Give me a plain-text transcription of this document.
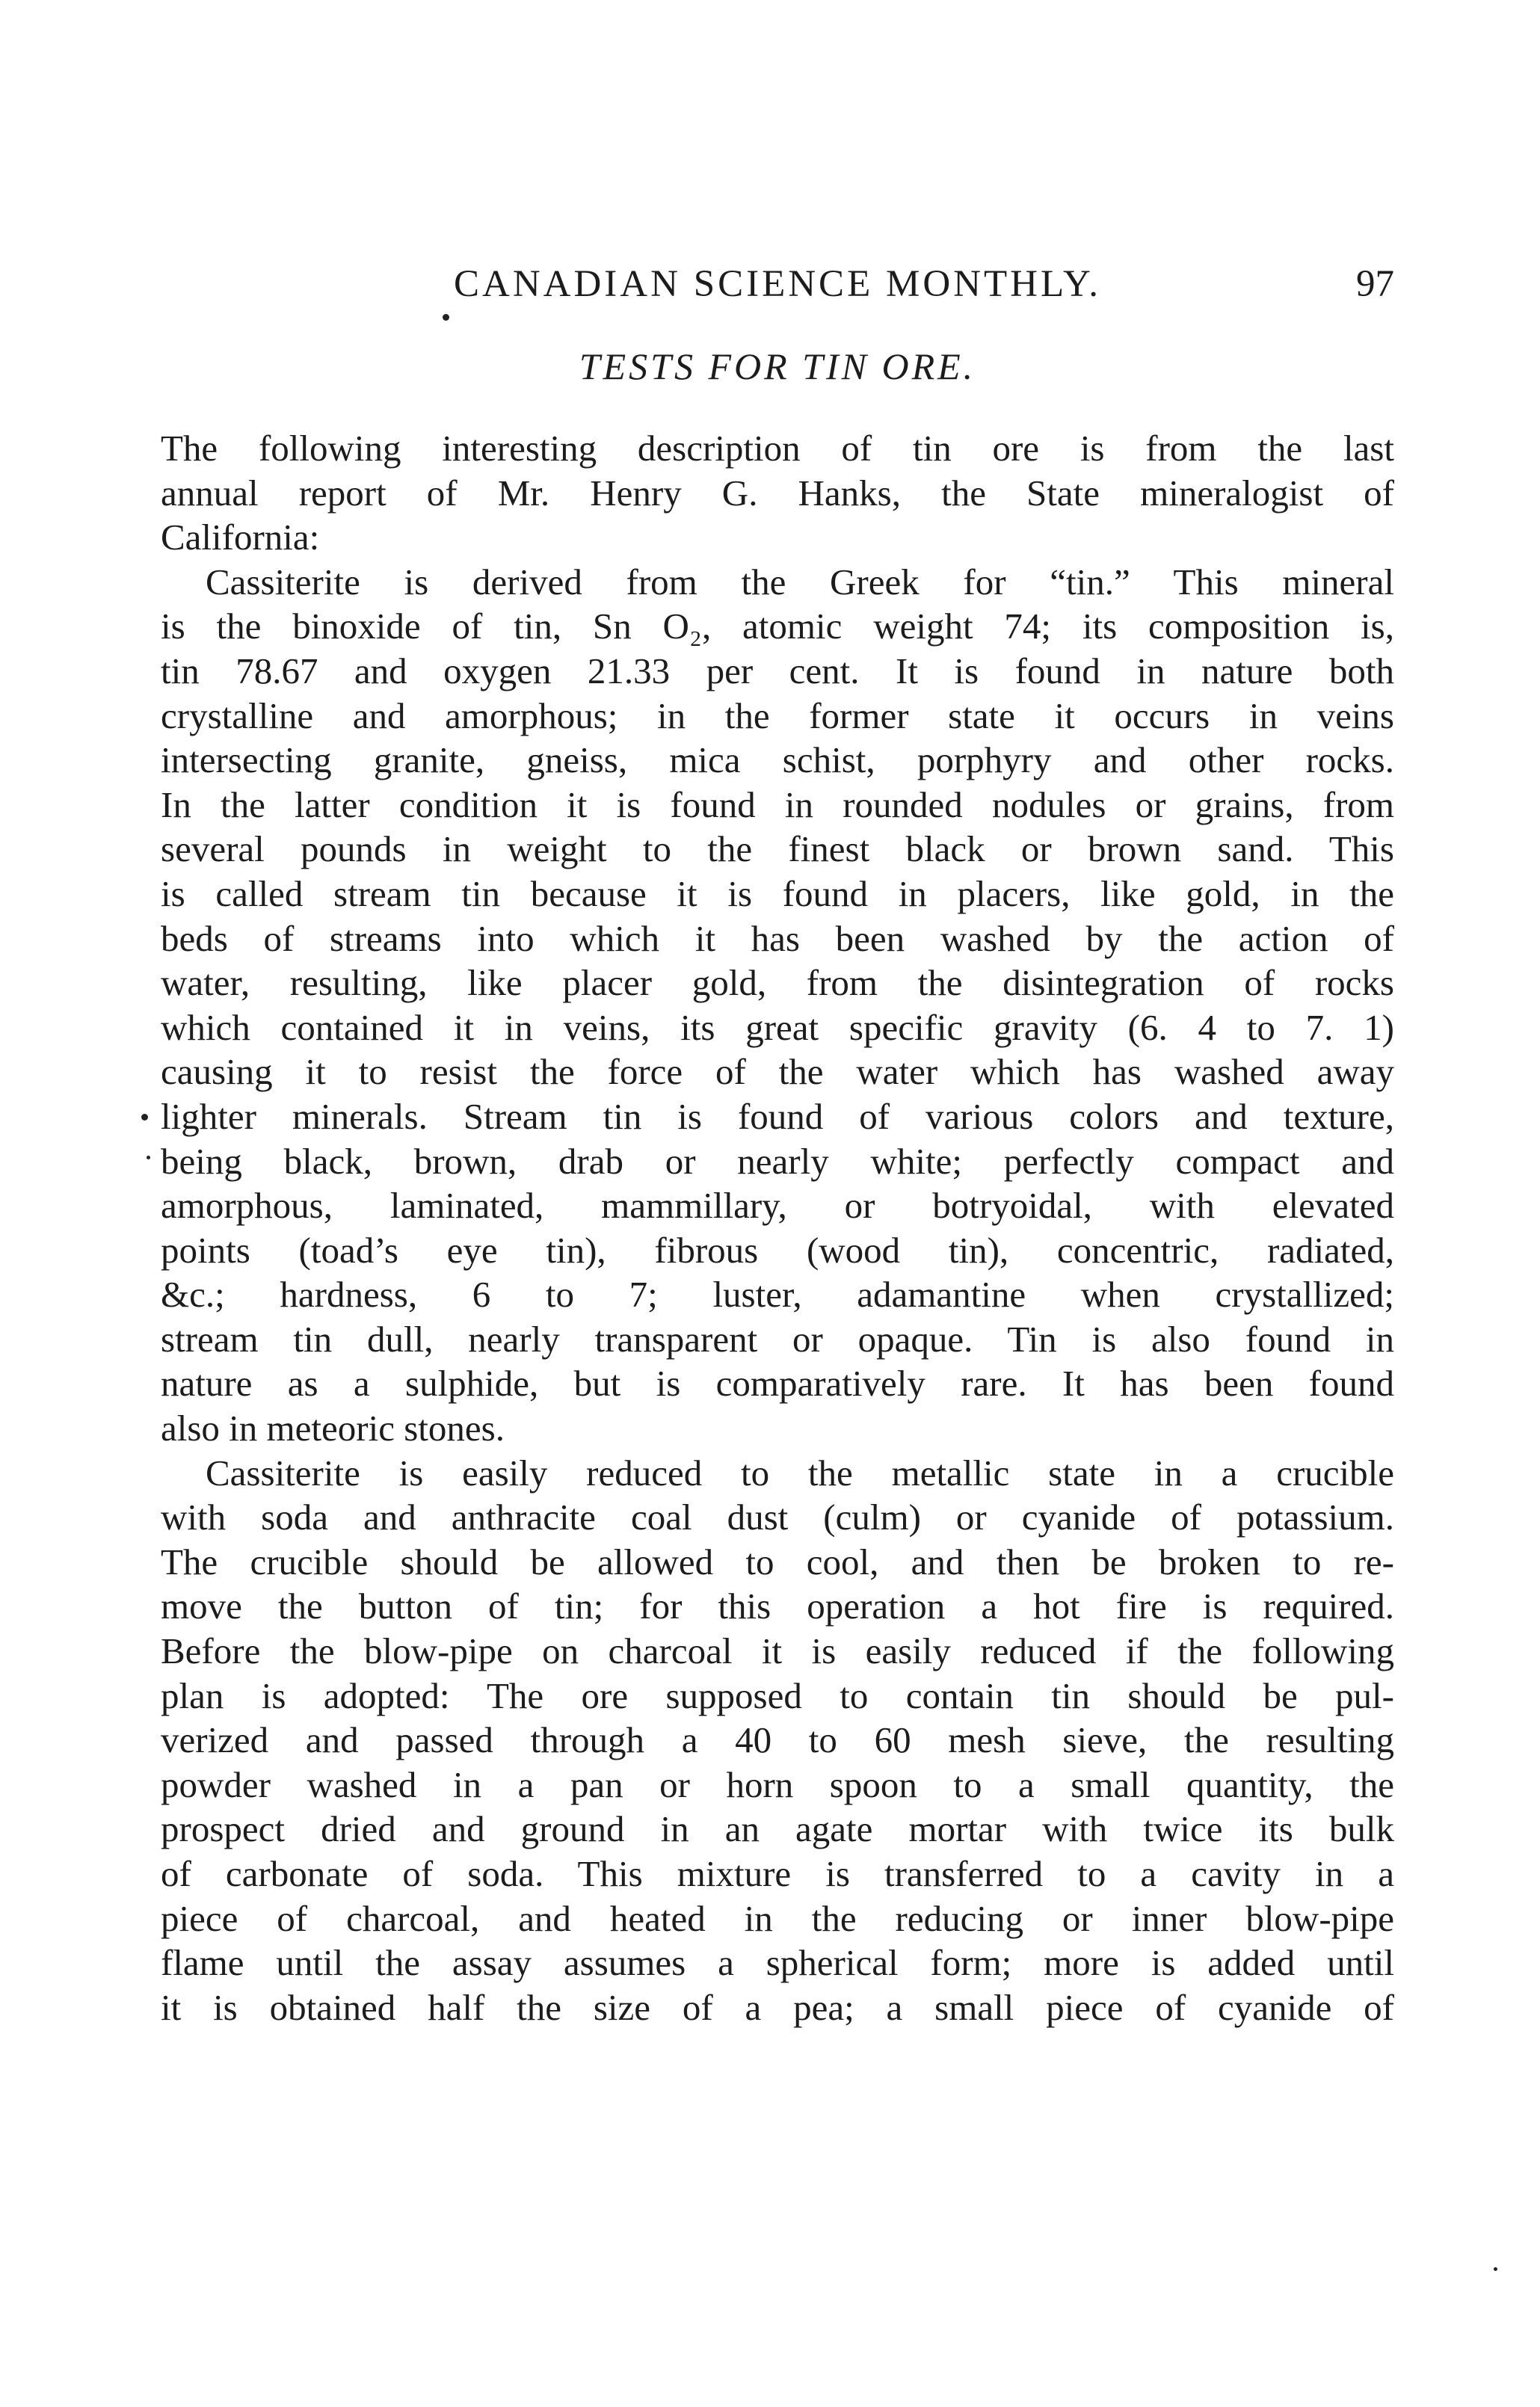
CANADIAN SCIENCE MONTHLY.	97
TESTS FOR TIN ORE.
The following interesting description of tin ore is from the last
annual report of Mr. Henry G. Hanks, the State mineralogist of
California:
Cassiterite is derived from the Greek for “tin.” This mineral
is the binoxide of tin, Sn O₂, atomic weight 74; its composition is,
tin 78.67 and oxygen 21.33 per cent. It is found in nature both
crystalline and amorphous; in the former state it occurs in veins
intersecting granite, gneiss, mica schist, porphyry and other rocks.
In the latter condition it is found in rounded nodules or grains, from
several pounds in weight to the finest black or brown sand. This
is called stream tin because it is found in placers, like gold, in the
beds of streams into which it has been washed by the action of
water, resulting, like placer gold, from the disintegration of rocks
which contained it in veins, its great specific gravity (6. 4 to 7. 1)
causing it to resist the force of the water which has washed away
lighter minerals. Stream tin is found of various colors and texture,
being black, brown, drab or nearly white; perfectly compact and
amorphous, laminated, mammillary, or botryoidal, with elevated
points (toad’s eye tin), fibrous (wood tin), concentric, radiated,
&c.; hardness, 6 to 7; luster, adamantine when crystallized;
stream tin dull, nearly transparent or opaque. Tin is also found in
nature as a sulphide, but is comparatively rare. It has been found
also in meteoric stones.
Cassiterite is easily reduced to the metallic state in a crucible
with soda and anthracite coal dust (culm) or cyanide of potassium.
The crucible should be allowed to cool, and then be broken to re-
move the button of tin; for this operation a hot fire is required.
Before the blow-pipe on charcoal it is easily reduced if the following
plan is adopted: The ore supposed to contain tin should be pul-
verized and passed through a 40 to 60 mesh sieve, the resulting
powder washed in a pan or horn spoon to a small quantity, the
prospect dried and ground in an agate mortar with twice its bulk
of carbonate of soda. This mixture is transferred to a cavity in a
piece of charcoal, and heated in the reducing or inner blow-pipe
flame until the assay assumes a spherical form; more is added until
it is obtained half the size of a pea; a small piece of cyanide of
